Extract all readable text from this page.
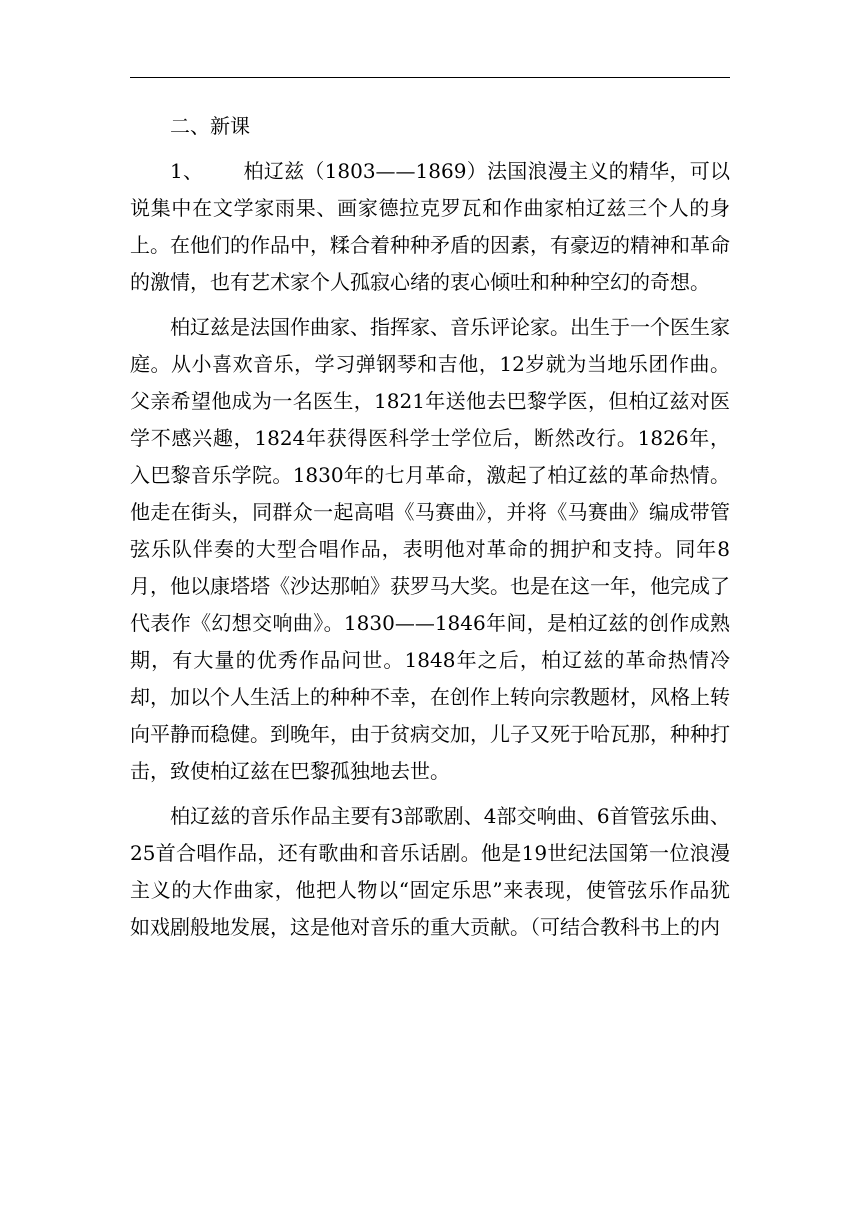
二、新课

1、 柏辽兹（1803——1869）法国浪漫主义的精华，可以说集中在文学家雨果、画家德拉克罗瓦和作曲家柏辽兹三个人的身上。在他们的作品中，糅合着种种矛盾的因素，有豪迈的精神和革命的激情，也有艺术家个人孤寂心绪的衷心倾吐和种种空幻的奇想。

柏辽兹是法国作曲家、指挥家、音乐评论家。出生于一个医生家庭。从小喜欢音乐，学习弹钢琴和吉他，12岁就为当地乐团作曲。父亲希望他成为一名医生，1821年送他去巴黎学医，但柏辽兹对医学不感兴趣，1824年获得医科学士学位后，断然改行。1826年，入巴黎音乐学院。1830年的七月革命，激起了柏辽兹的革命热情。他走在街头，同群众一起高唱《马赛曲》，并将《马赛曲》编成带管弦乐队伴奏的大型合唱作品，表明他对革命的拥护和支持。同年8月，他以康塔塔《沙达那帕》获罗马大奖。也是在这一年，他完成了代表作《幻想交响曲》。1830——1846年间，是柏辽兹的创作成熟期，有大量的优秀作品问世。1848年之后，柏辽兹的革命热情冷却，加以个人生活上的种种不幸，在创作上转向宗教题材，风格上转向平静而稳健。到晚年，由于贫病交加，儿子又死于哈瓦那，种种打击，致使柏辽兹在巴黎孤独地去世。

柏辽兹的音乐作品主要有3部歌剧、4部交响曲、6首管弦乐曲、25首合唱作品，还有歌曲和音乐话剧。他是19世纪法国第一位浪漫主义的大作曲家，他把人物以“固定乐思”来表现，使管弦乐作品犹如戏剧般地发展，这是他对音乐的重大贡献。（可结合教科书上的内
